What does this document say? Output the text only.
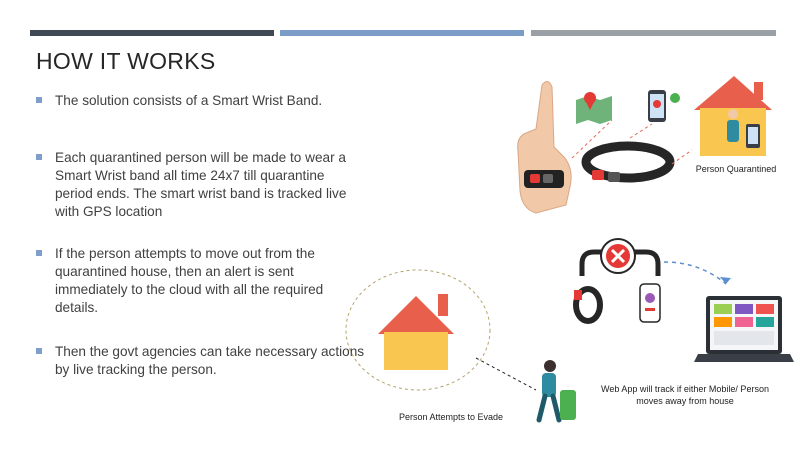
HOW IT WORKS
The solution consists of a Smart Wrist Band.
Each quarantined person will be made to wear a Smart Wrist band all time 24x7 till quarantine period ends. The smart wrist band is tracked live with GPS location
If the person attempts to move out from the quarantined house, then an alert is sent immediately to the cloud with all the required details.
Then the govt agencies can take necessary actions by live tracking the person.
Person Quarantined
Web App will track if either Mobile/ Person moves away from house
Person Attempts to Evade
